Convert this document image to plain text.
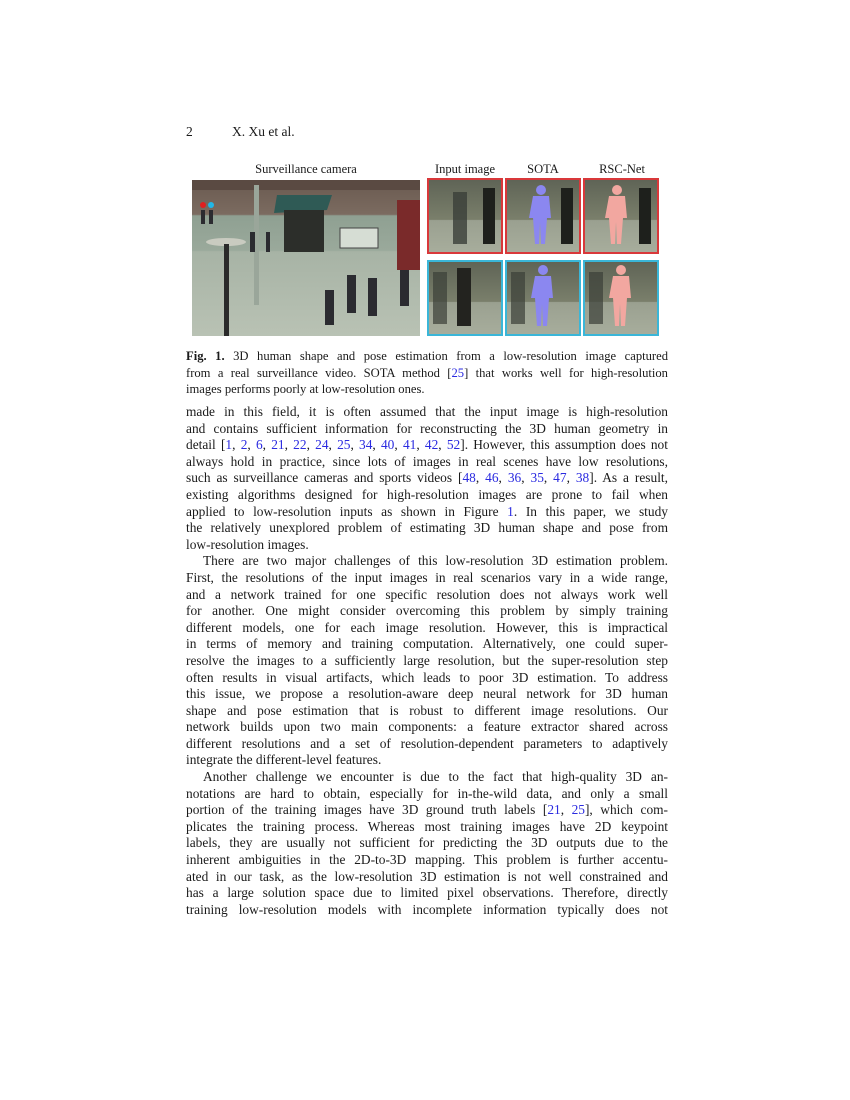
2	X. Xu et al.
Surveillance camera	Input image	SOTA	RSC-Net
Fig. 1. 3D human shape and pose estimation from a low-resolution image captured
from a real surveillance video. SOTA method [25] that works well for high-resolution
images performs poorly at low-resolution ones.
made in this field, it is often assumed that the input image is high-resolution
and contains sufficient information for reconstructing the 3D human geometry in
detail [1, 2, 6, 21, 22, 24, 25, 34, 40, 41, 42, 52]. However, this assumption does not
always hold in practice, since lots of images in real scenes have low resolutions,
such as surveillance cameras and sports videos [48, 46, 36, 35, 47, 38]. As a result,
existing algorithms designed for high-resolution images are prone to fail when
applied to low-resolution inputs as shown in Figure 1. In this paper, we study
the relatively unexplored problem of estimating 3D human shape and pose from
low-resolution images.
There are two major challenges of this low-resolution 3D estimation problem.
First, the resolutions of the input images in real scenarios vary in a wide range,
and a network trained for one specific resolution does not always work well
for another. One might consider overcoming this problem by simply training
different models, one for each image resolution. However, this is impractical
in terms of memory and training computation. Alternatively, one could super-
resolve the images to a sufficiently large resolution, but the super-resolution step
often results in visual artifacts, which leads to poor 3D estimation. To address
this issue, we propose a resolution-aware deep neural network for 3D human
shape and pose estimation that is robust to different image resolutions. Our
network builds upon two main components: a feature extractor shared across
different resolutions and a set of resolution-dependent parameters to adaptively
integrate the different-level features.
Another challenge we encounter is due to the fact that high-quality 3D an-
notations are hard to obtain, especially for in-the-wild data, and only a small
portion of the training images have 3D ground truth labels [21, 25], which com-
plicates the training process. Whereas most training images have 2D keypoint
labels, they are usually not sufficient for predicting the 3D outputs due to the
inherent ambiguities in the 2D-to-3D mapping. This problem is further accentu-
ated in our task, as the low-resolution 3D estimation is not well constrained and
has a large solution space due to limited pixel observations. Therefore, directly
training low-resolution models with incomplete information typically does not
